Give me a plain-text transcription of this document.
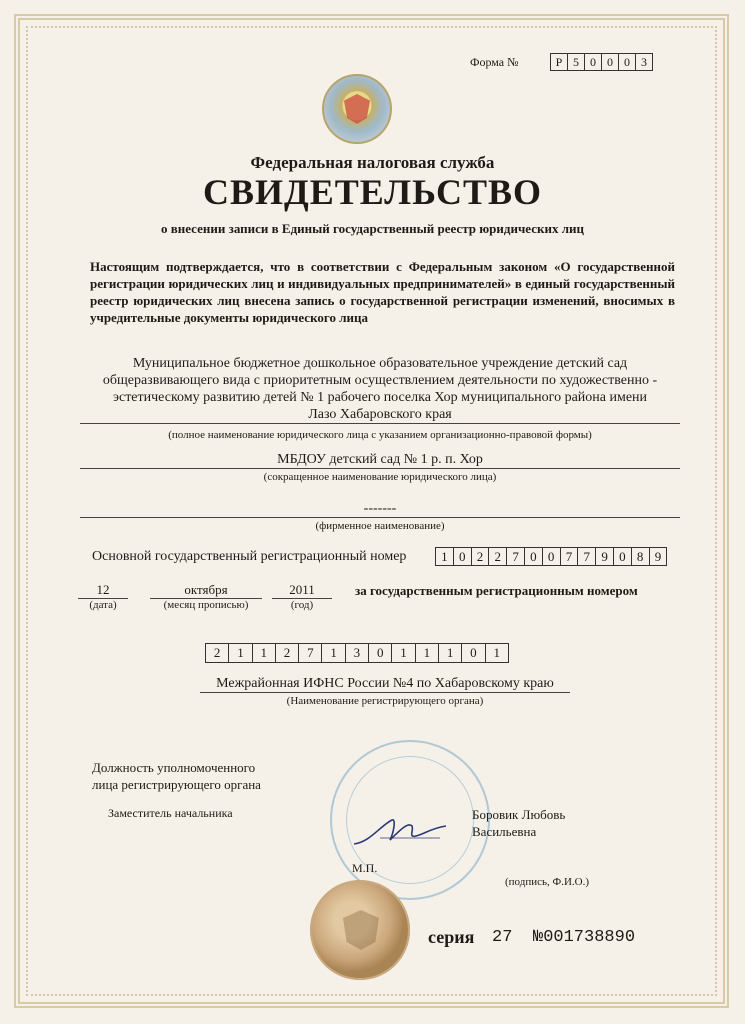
Форма №	Р 5 0 0 0 3
Федеральная налоговая служба
СВИДЕТЕЛЬСТВО
о внесении записи в Единый государственный реестр юридических лиц
Настоящим подтверждается, что в соответствии с Федеральным законом «О государственной регистрации юридических лиц и индивидуальных предпринимателей» в единый государственный реестр юридических лиц внесена запись о государственной регистрации изменений, вносимых в учредительные документы юридического лица
Муниципальное бюджетное дошкольное образовательное учреждение детский сад
общеразвивающего вида с приоритетным осуществлением деятельности по художественно -
эстетическому развитию детей № 1 рабочего поселка Хор муниципального района имени
Лазо Хабаровского края
(полное наименование юридического лица с указанием организационно-правовой формы)
МБДОУ детский сад № 1 р. п. Хор
(сокращенное наименование юридического лица)
-------
(фирменное наименование)
Основной государственный регистрационный номер	1 0 2 2 7 0 0 7 7 9 0 8 9
12
(дата)
октября
(месяц прописью)
2011
(год)
за государственным регистрационным номером
2	1	1	2	7	1	3	0	1	1	1	0	1
Межрайонная ИФНС России №4 по Хабаровскому краю
(Наименование регистрирующего органа)
Должность уполномоченного
лица регистрирующего органа
Заместитель начальника	Боровик Любовь
Васильевна
М.П.
(подпись, Ф.И.О.)
серия 27 №001738890
